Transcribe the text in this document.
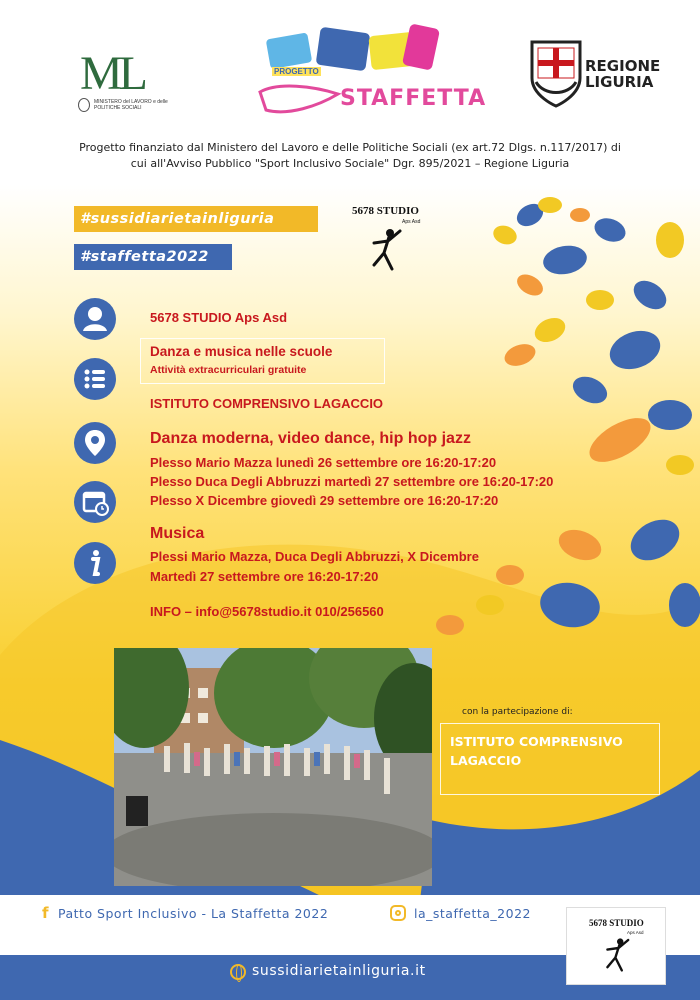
ML
MINISTERO del LAVORO e delle POLITICHE SOCIALI
PROGETTO
STAFFETTA
REGIONE LIGURIA
Progetto finanziato dal Ministero del Lavoro e delle Politiche Sociali (ex art.72 Dlgs. n.117/2017) di cui all'Avviso Pubblico "Sport Inclusivo Sociale" Dgr. 895/2021 – Regione Liguria
#sussidiarietainliguria
#staffetta2022
5678 STUDIO
Aps Asd
5678 STUDIO Aps Asd
Danza e musica nelle scuole
Attività extracurriculari gratuite
ISTITUTO COMPRENSIVO LAGACCIO
Danza moderna, video dance, hip hop jazz
Plesso Mario Mazza lunedì 26 settembre ore 16:20-17:20
Plesso Duca Degli Abbruzzi martedì 27 settembre ore 16:20-17:20
Plesso X Dicembre giovedì 29 settembre ore 16:20-17:20
Musica
Plessi Mario Mazza, Duca Degli Abbruzzi, X Dicembre
Martedì 27 settembre ore 16:20-17:20
INFO – info@5678studio.it 010/256560
con la partecipazione di:
ISTITUTO COMPRENSIVO LAGACCIO
f Patto Sport Inclusivo - La Staffetta 2022	la_staffetta_2022
sussidiarietainliguria.it
5678 STUDIO
Aps Asd
